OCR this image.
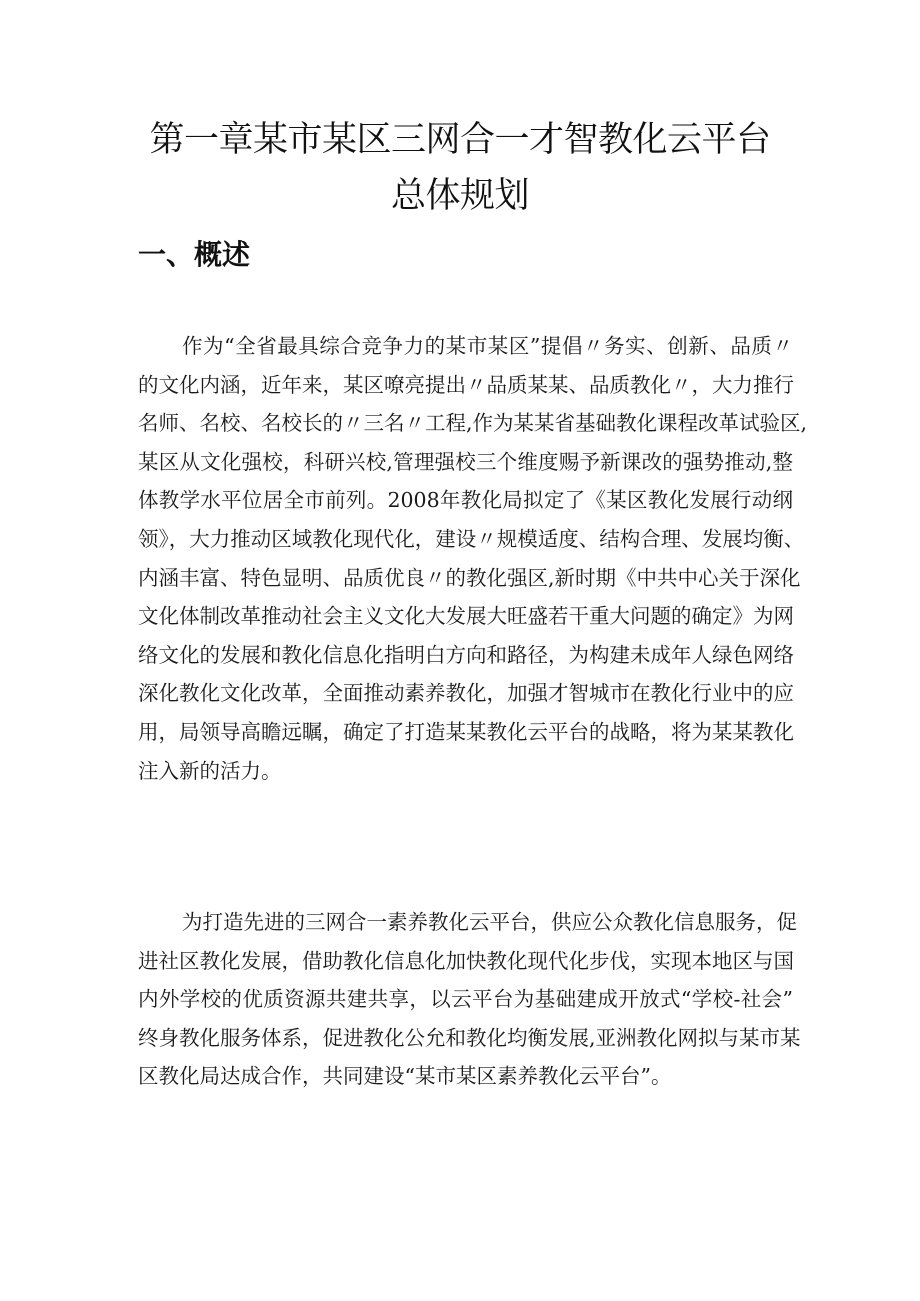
第一章某市某区三网合一才智教化云平台
总体规划
一、概述
作为“全省最具综合竞争力的某市某区”提倡〃务实、创新、品质〃
的文化内涵，近年来，某区嘹亮提出〃品质某某、品质教化〃，大力推行
名师、名校、名校长的〃三名〃工程,作为某某省基础教化课程改革试验区,
某区从文化强校，科研兴校,管理强校三个维度赐予新课改的强势推动,整
体教学水平位居全市前列。2008年教化局拟定了《某区教化发展行动纲
领》，大力推动区域教化现代化，建设〃规模适度、结构合理、发展均衡、
内涵丰富、特色显明、品质优良〃的教化强区,新时期《中共中心关于深化
文化体制改革推动社会主义文化大发展大旺盛若干重大问题的确定》为网
络文化的发展和教化信息化指明白方向和路径，为构建未成年人绿色网络
深化教化文化改革，全面推动素养教化，加强才智城市在教化行业中的应
用，局领导高瞻远瞩，确定了打造某某教化云平台的战略，将为某某教化
注入新的活力。
为打造先进的三网合一素养教化云平台，供应公众教化信息服务，促
进社区教化发展，借助教化信息化加快教化现代化步伐，实现本地区与国
内外学校的优质资源共建共享，以云平台为基础建成开放式“学校-社会”
终身教化服务体系，促进教化公允和教化均衡发展,亚洲教化网拟与某市某
区教化局达成合作，共同建设“某市某区素养教化云平台”。
